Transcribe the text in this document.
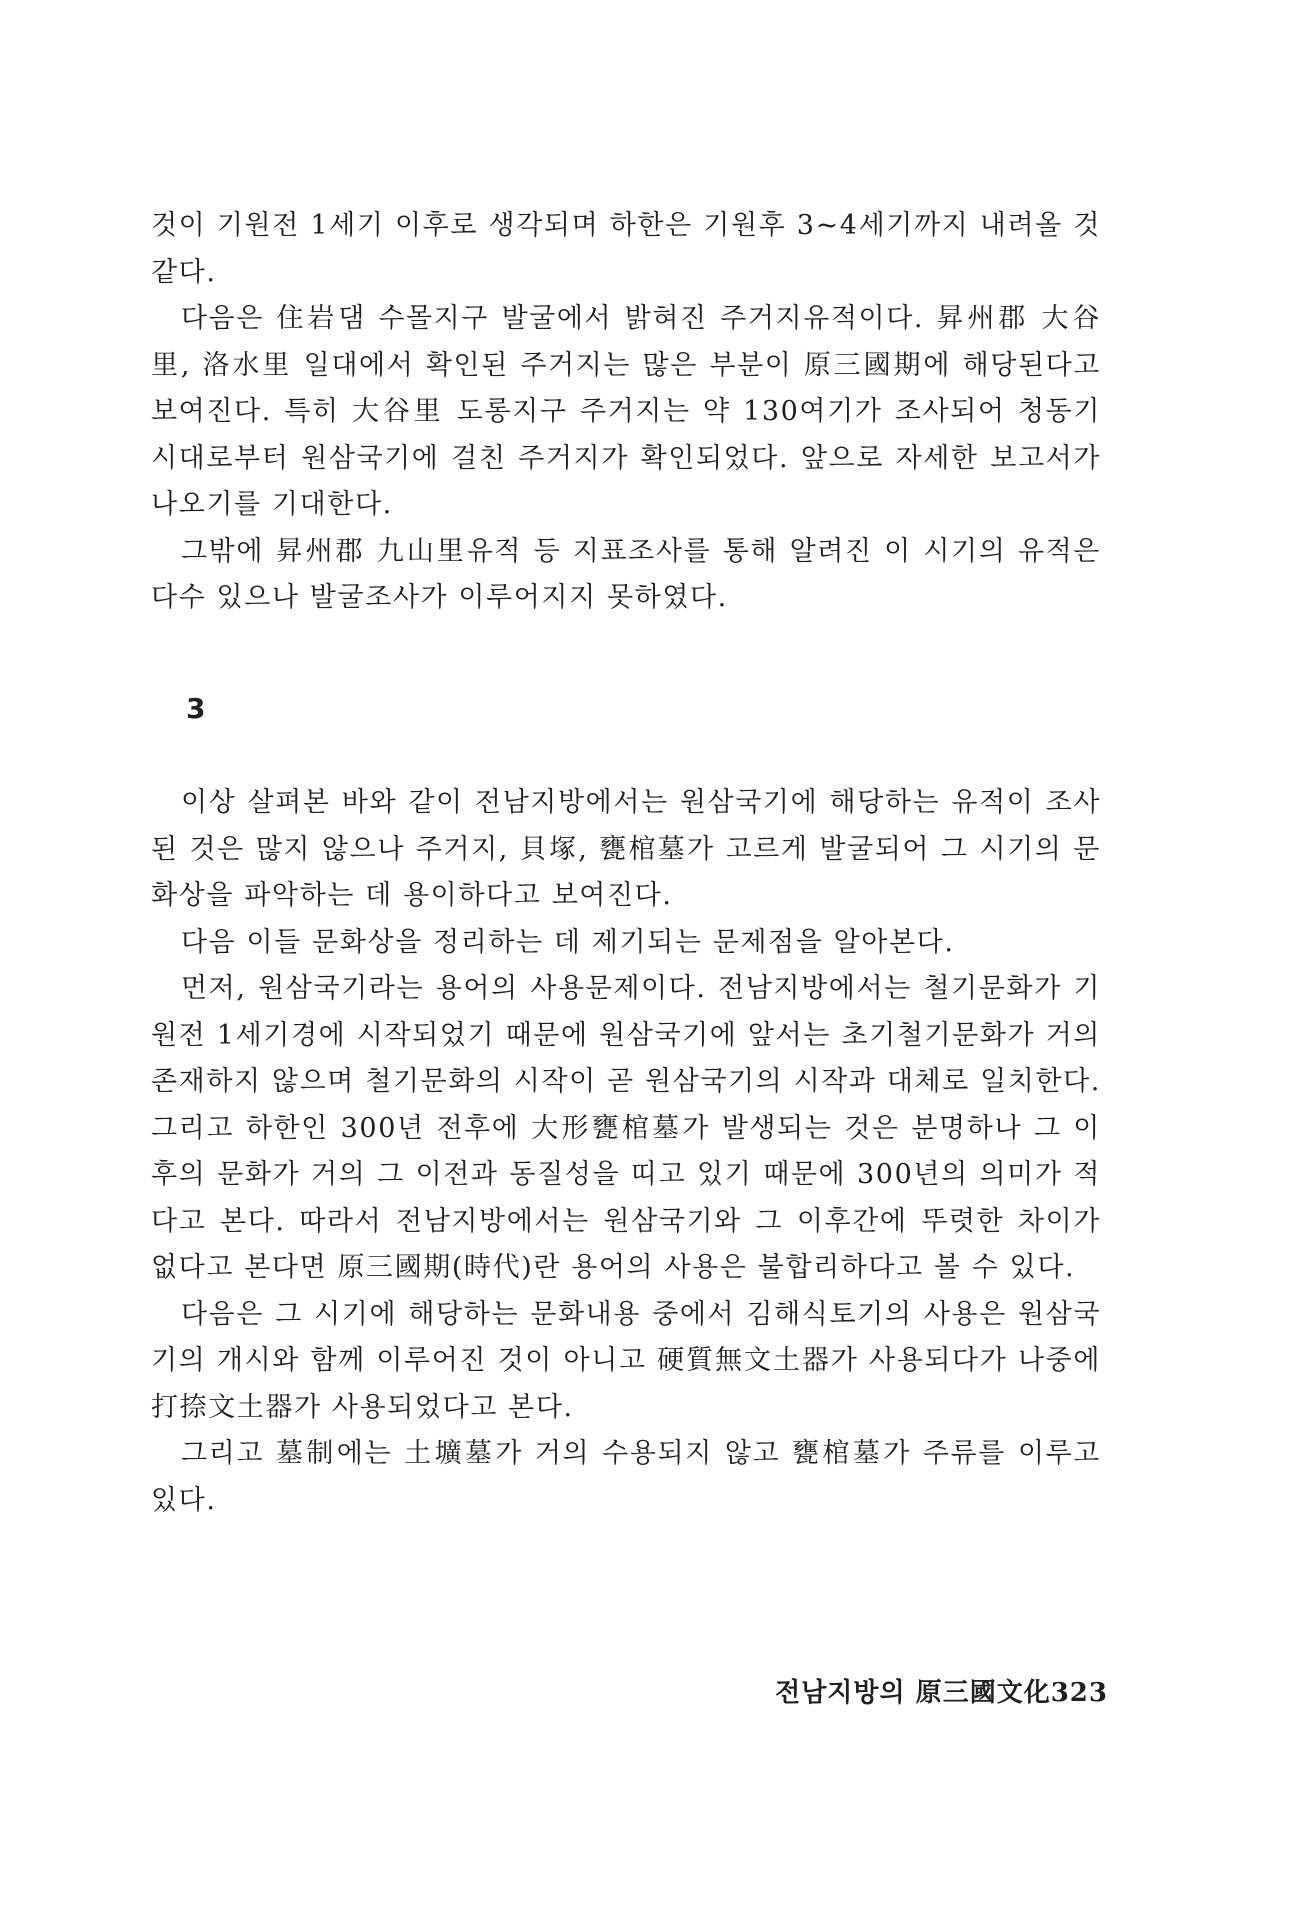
것이 기원전 1세기 이후로 생각되며 하한은 기원후 3~4세기까지 내려올 것 같다.

다음은 住岩댐 수몰지구 발굴에서 밝혀진 주거지유적이다. 昇州郡 大谷里, 洛水里 일대에서 확인된 주거지는 많은 부분이 原三國期에 해당된다고 보여진다. 특히 大谷里 도롱지구 주거지는 약 130여기가 조사되어 청동기시대로부터 원삼국기에 걸친 주거지가 확인되었다. 앞으로 자세한 보고서가 나오기를 기대한다.

그밖에 昇州郡 九山里유적 등 지표조사를 통해 알려진 이 시기의 유적은 다수 있으나 발굴조사가 이루어지지 못하였다.

3

이상 살펴본 바와 같이 전남지방에서는 원삼국기에 해당하는 유적이 조사된 것은 많지 않으나 주거지, 貝塚, 甕棺墓가 고르게 발굴되어 그 시기의 문화상을 파악하는 데 용이하다고 보여진다.

다음 이들 문화상을 정리하는 데 제기되는 문제점을 알아본다.

먼저, 원삼국기라는 용어의 사용문제이다. 전남지방에서는 철기문화가 기원전 1세기경에 시작되었기 때문에 원삼국기에 앞서는 초기철기문화가 거의 존재하지 않으며 철기문화의 시작이 곧 원삼국기의 시작과 대체로 일치한다. 그리고 하한인 300년 전후에 大形甕棺墓가 발생되는 것은 분명하나 그 이후의 문화가 거의 그 이전과 동질성을 띠고 있기 때문에 300년의 의미가 적다고 본다. 따라서 전남지방에서는 원삼국기와 그 이후간에 뚜렷한 차이가 없다고 본다면 原三國期(時代)란 용어의 사용은 불합리하다고 볼 수 있다.

다음은 그 시기에 해당하는 문화내용 중에서 김해식토기의 사용은 원삼국기의 개시와 함께 이루어진 것이 아니고 硬質無文土器가 사용되다가 나중에 打捺文土器가 사용되었다고 본다.

그리고 墓制에는 土壙墓가 거의 수용되지 않고 甕棺墓가 주류를 이루고 있다.

전남지방의 原三國文化323
